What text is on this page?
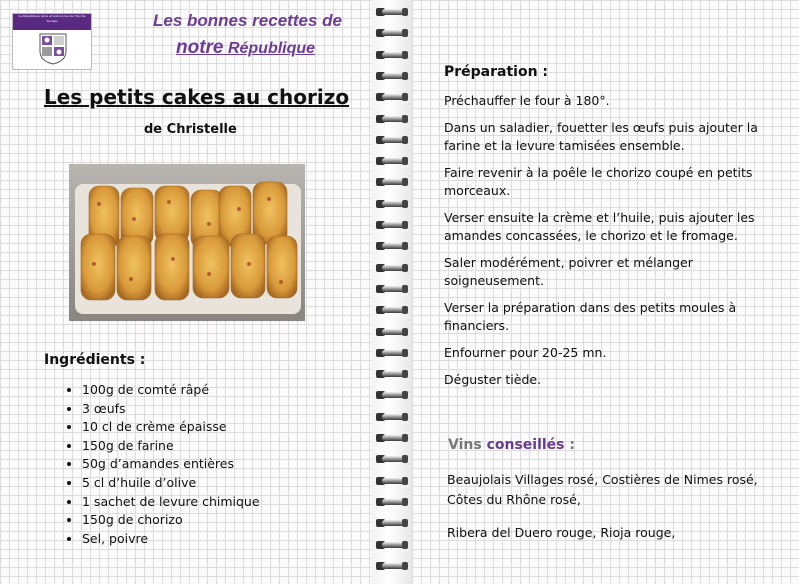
La République Libre et Autonome de l'Ouche Sociale	Les bonnes recettes de
notre République
Les petits cakes au chorizo
de Christelle
Ingrédients :
• 100g de comté râpé
• 3 œufs
• 10 cl de crème épaisse
• 150g de farine
• 50g d’amandes entières
• 5 cl d’huile d’olive
• 1 sachet de levure chimique
• 150g de chorizo
• Sel, poivre
Préparation :

Préchauffer le four à 180°.

Dans un saladier, fouetter les œufs puis ajouter la farine et la levure tamisées ensemble.

Faire revenir à la poêle le chorizo coupé en petits morceaux.

Verser ensuite la crème et l’huile, puis ajouter les amandes concassées, le chorizo et le fromage.

Saler modérément, poivrer et mélanger soigneusement.

Verser la préparation dans des petits moules à financiers.

Enfourner pour 20-25 mn.

Déguster tiède.

Vins conseillés :

Beaujolais Villages rosé, Costières de Nimes rosé, Côtes du Rhône rosé,

Ribera del Duero rouge, Rioja rouge,
